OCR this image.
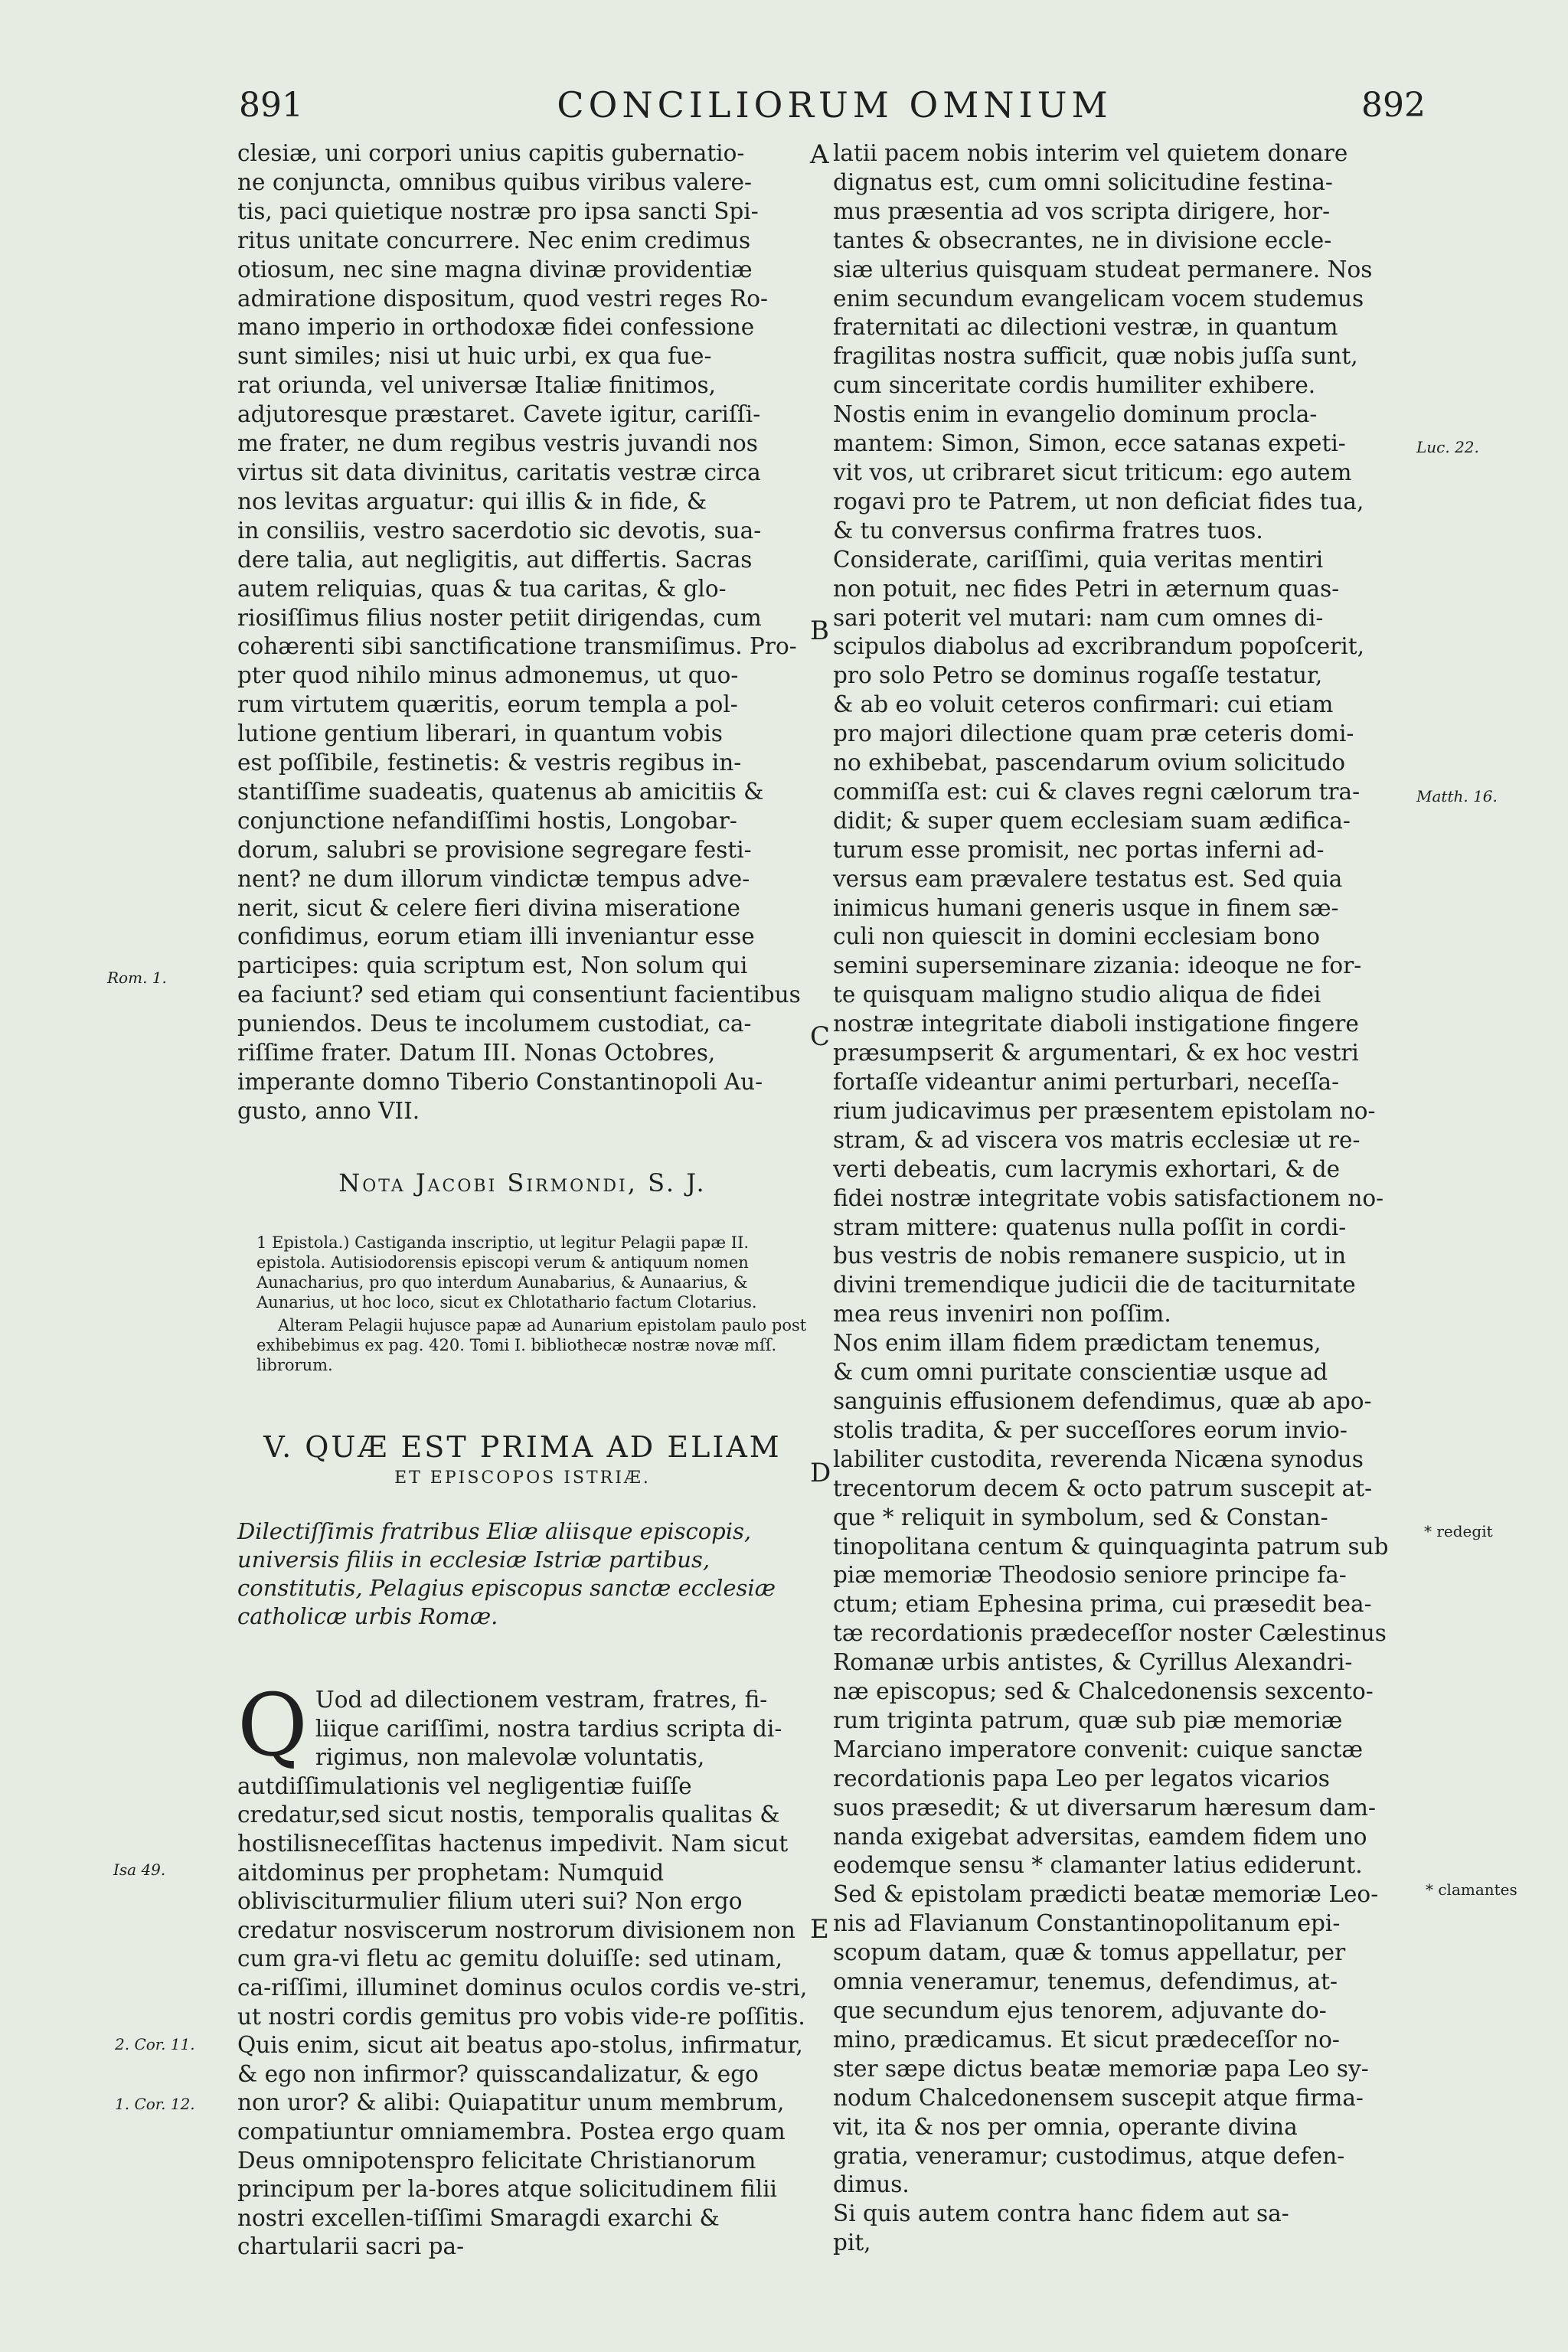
891	CONCILIORUM OMNIUM	892
clesiæ, uni corpori unius capitis gubernatio-
ne conjuncta, omnibus quibus viribus valere-
tis, paci quietique nostræ pro ipsa sancti Spi-
ritus unitate concurrere. Nec enim credimus
otiosum, nec sine magna divinæ providentiæ
admiratione dispositum, quod vestri reges Ro-
mano imperio in orthodoxæ fidei confessione
sunt similes; nisi ut huic urbi, ex qua fue-
rat oriunda, vel universæ Italiæ finitimos,
adjutoresque præstaret. Cavete igitur, cariſſi-
me frater, ne dum regibus vestris juvandi nos
virtus sit data divinitus, caritatis vestræ circa
nos levitas arguatur: qui illis & in fide, &
in consiliis, vestro sacerdotio sic devotis, sua-
dere talia, aut negligitis, aut differtis. Sacras
autem reliquias, quas & tua caritas, & glo-
riosiſſimus filius noster petiit dirigendas, cum
cohærenti sibi sanctificatione transmiſimus. Pro-
pter quod nihilo minus admonemus, ut quo-
rum virtutem quæritis, eorum templa a pol-
lutione gentium liberari, in quantum vobis
est poſſibile, festinetis: & vestris regibus in-
stantiſſime suadeatis, quatenus ab amicitiis &
conjunctione nefandiſſimi hostis, Longobar-
dorum, salubri se provisione segregare festi-
nent? ne dum illorum vindictæ tempus adve-
nerit, sicut & celere fieri divina miseratione
confidimus, eorum etiam illi inveniantur esse
participes: quia scriptum est, Non solum qui
ea faciunt? sed etiam qui consentiunt facientibus
puniendos. Deus te incolumem custodiat, ca-
riſſime frater. Datum III. Nonas Octobres,
imperante domno Tiberio Constantinopoli Au-
gusto, anno VII.
Nota Jacobi Sirmondi, S. J.

1 Epistola.) Castiganda inscriptio, ut legitur Pelagii papæ II. epistola. Autisiodorensis episcopi verum & antiquum nomen Aunacharius, pro quo interdum Aunabarius, & Aunaarius, & Aunarius, ut hoc loco, sicut ex Chlotathario factum Clotarius.

Alteram Pelagii hujusce papæ ad Aunarium epistolam paulo post exhibebimus ex pag. 420. Tomi I. bibliothecæ nostræ novæ mſſ. librorum.

V. QUÆ EST PRIMA AD ELIAM
ET EPISCOPOS ISTRIÆ.
Dilectiſſimis fratribus Eliæ aliisque episcopis, universis filiis in ecclesiæ Istriæ partibus, constitutis, Pelagius episcopus sanctæ ecclesiæ catholicæ urbis Romæ.
Q Uod ad dilectionem vestram, fratres, fi-liique cariſſimi, nostra tardius scripta di-rigimus, non malevolæ voluntatis, autdiſſimulationis vel negligentiæ fuiſſe credatur,sed sicut nostis, temporalis qualitas & hostilisneceſſitas hactenus impedivit. Nam sicut aitdominus per prophetam: Numquid oblivisciturmulier filium uteri sui? Non ergo credatur nosviscerum nostrorum divisionem non cum gra-vi fletu ac gemitu doluiſſe: sed utinam, ca-riſſimi, illuminet dominus oculos cordis ve-stri, ut nostri cordis gemitus pro vobis vide-re poſſitis. Quis enim, sicut ait beatus apo-stolus, infirmatur, & ego non infirmor? quisscandalizatur, & ego non uror? & alibi: Quiapatitur unum membrum, compatiuntur omniamembra. Postea ergo quam Deus omnipotenspro felicitate Christianorum principum per la-bores atque solicitudinem filii nostri excellen-tiſſimi Smaragdi exarchi & chartularii sacri pa-
latii pacem nobis interim vel quietem donare
dignatus est, cum omni solicitudine festina-
mus præsentia ad vos scripta dirigere, hor-
tantes & obsecrantes, ne in divisione eccle-
siæ ulterius quisquam studeat permanere. Nos
enim secundum evangelicam vocem studemus
fraternitati ac dilectioni vestræ, in quantum
fragilitas nostra sufficit, quæ nobis juſſa sunt,
cum sinceritate cordis humiliter exhibere.
Nostis enim in evangelio dominum procla-
mantem: Simon, Simon, ecce satanas expeti-
vit vos, ut cribraret sicut triticum: ego autem
rogavi pro te Patrem, ut non deficiat fides tua,
& tu conversus confirma fratres tuos.
Considerate, cariſſimi, quia veritas mentiri
non potuit, nec fides Petri in æternum quas-
sari poterit vel mutari: nam cum omnes di-
scipulos diabolus ad excribrandum popoſcerit,
pro solo Petro se dominus rogaſſe testatur,
& ab eo voluit ceteros confirmari: cui etiam
pro majori dilectione quam præ ceteris domi-
no exhibebat, pascendarum ovium solicitudo
commiſſa est: cui & claves regni cælorum tra-
didit; & super quem ecclesiam suam ædifica-
turum esse promisit, nec portas inferni ad-
versus eam prævalere testatus est. Sed quia
inimicus humani generis usque in finem sæ-
culi non quiescit in domini ecclesiam bono
semini superseminare zizania: ideoque ne for-
te quisquam maligno studio aliqua de fidei
nostræ integritate diaboli instigatione fingere
præsumpserit & argumentari, & ex hoc vestri
fortaſſe videantur animi perturbari, neceſſa-
rium judicavimus per præsentem epistolam no-
stram, & ad viscera vos matris ecclesiæ ut re-
verti debeatis, cum lacrymis exhortari, & de
fidei nostræ integritate vobis satisfactionem no-
stram mittere: quatenus nulla poſſit in cordi-
bus vestris de nobis remanere suspicio, ut in
divini tremendique judicii die de taciturnitate
mea reus inveniri non poſſim.
Nos enim illam fidem prædictam tenemus,
& cum omni puritate conscientiæ usque ad
sanguinis effusionem defendimus, quæ ab apo-
stolis tradita, & per succeſſores eorum invio-
labiliter custodita, reverenda Nicæna synodus
trecentorum decem & octo patrum suscepit at-
que * reliquit in symbolum, sed & Constan-
tinopolitana centum & quinquaginta patrum sub
piæ memoriæ Theodosio seniore principe fa-
ctum; etiam Ephesina prima, cui præsedit bea-
tæ recordationis prædeceſſor noster Cælestinus
Romanæ urbis antistes, & Cyrillus Alexandri-
næ episcopus; sed & Chalcedonensis sexcento-
rum triginta patrum, quæ sub piæ memoriæ
Marciano imperatore convenit: cuique sanctæ
recordationis papa Leo per legatos vicarios
suos præsedit; & ut diversarum hæresum dam-
nanda exigebat adversitas, eamdem fidem uno
eodemque sensu * clamanter latius ediderunt.
Sed & epistolam prædicti beatæ memoriæ Leo-
nis ad Flavianum Constantinopolitanum epi-
scopum datam, quæ & tomus appellatur, per
omnia veneramur, tenemus, defendimus, at-
que secundum ejus tenorem, adjuvante do-
mino, prædicamus. Et sicut prædeceſſor no-
ster sæpe dictus beatæ memoriæ papa Leo sy-
nodum Chalcedonensem suscepit atque firma-
vit, ita & nos per omnia, operante divina
gratia, veneramur; custodimus, atque defen-
dimus.
Si quis autem contra hanc fidem aut sa-
pit,
A
B
C
D
E
Luc. 22.
Matth. 16.
Rom. 1.
Isa 49.
2. Cor. 11.
1. Cor. 12.
* redegit
* clamantes
